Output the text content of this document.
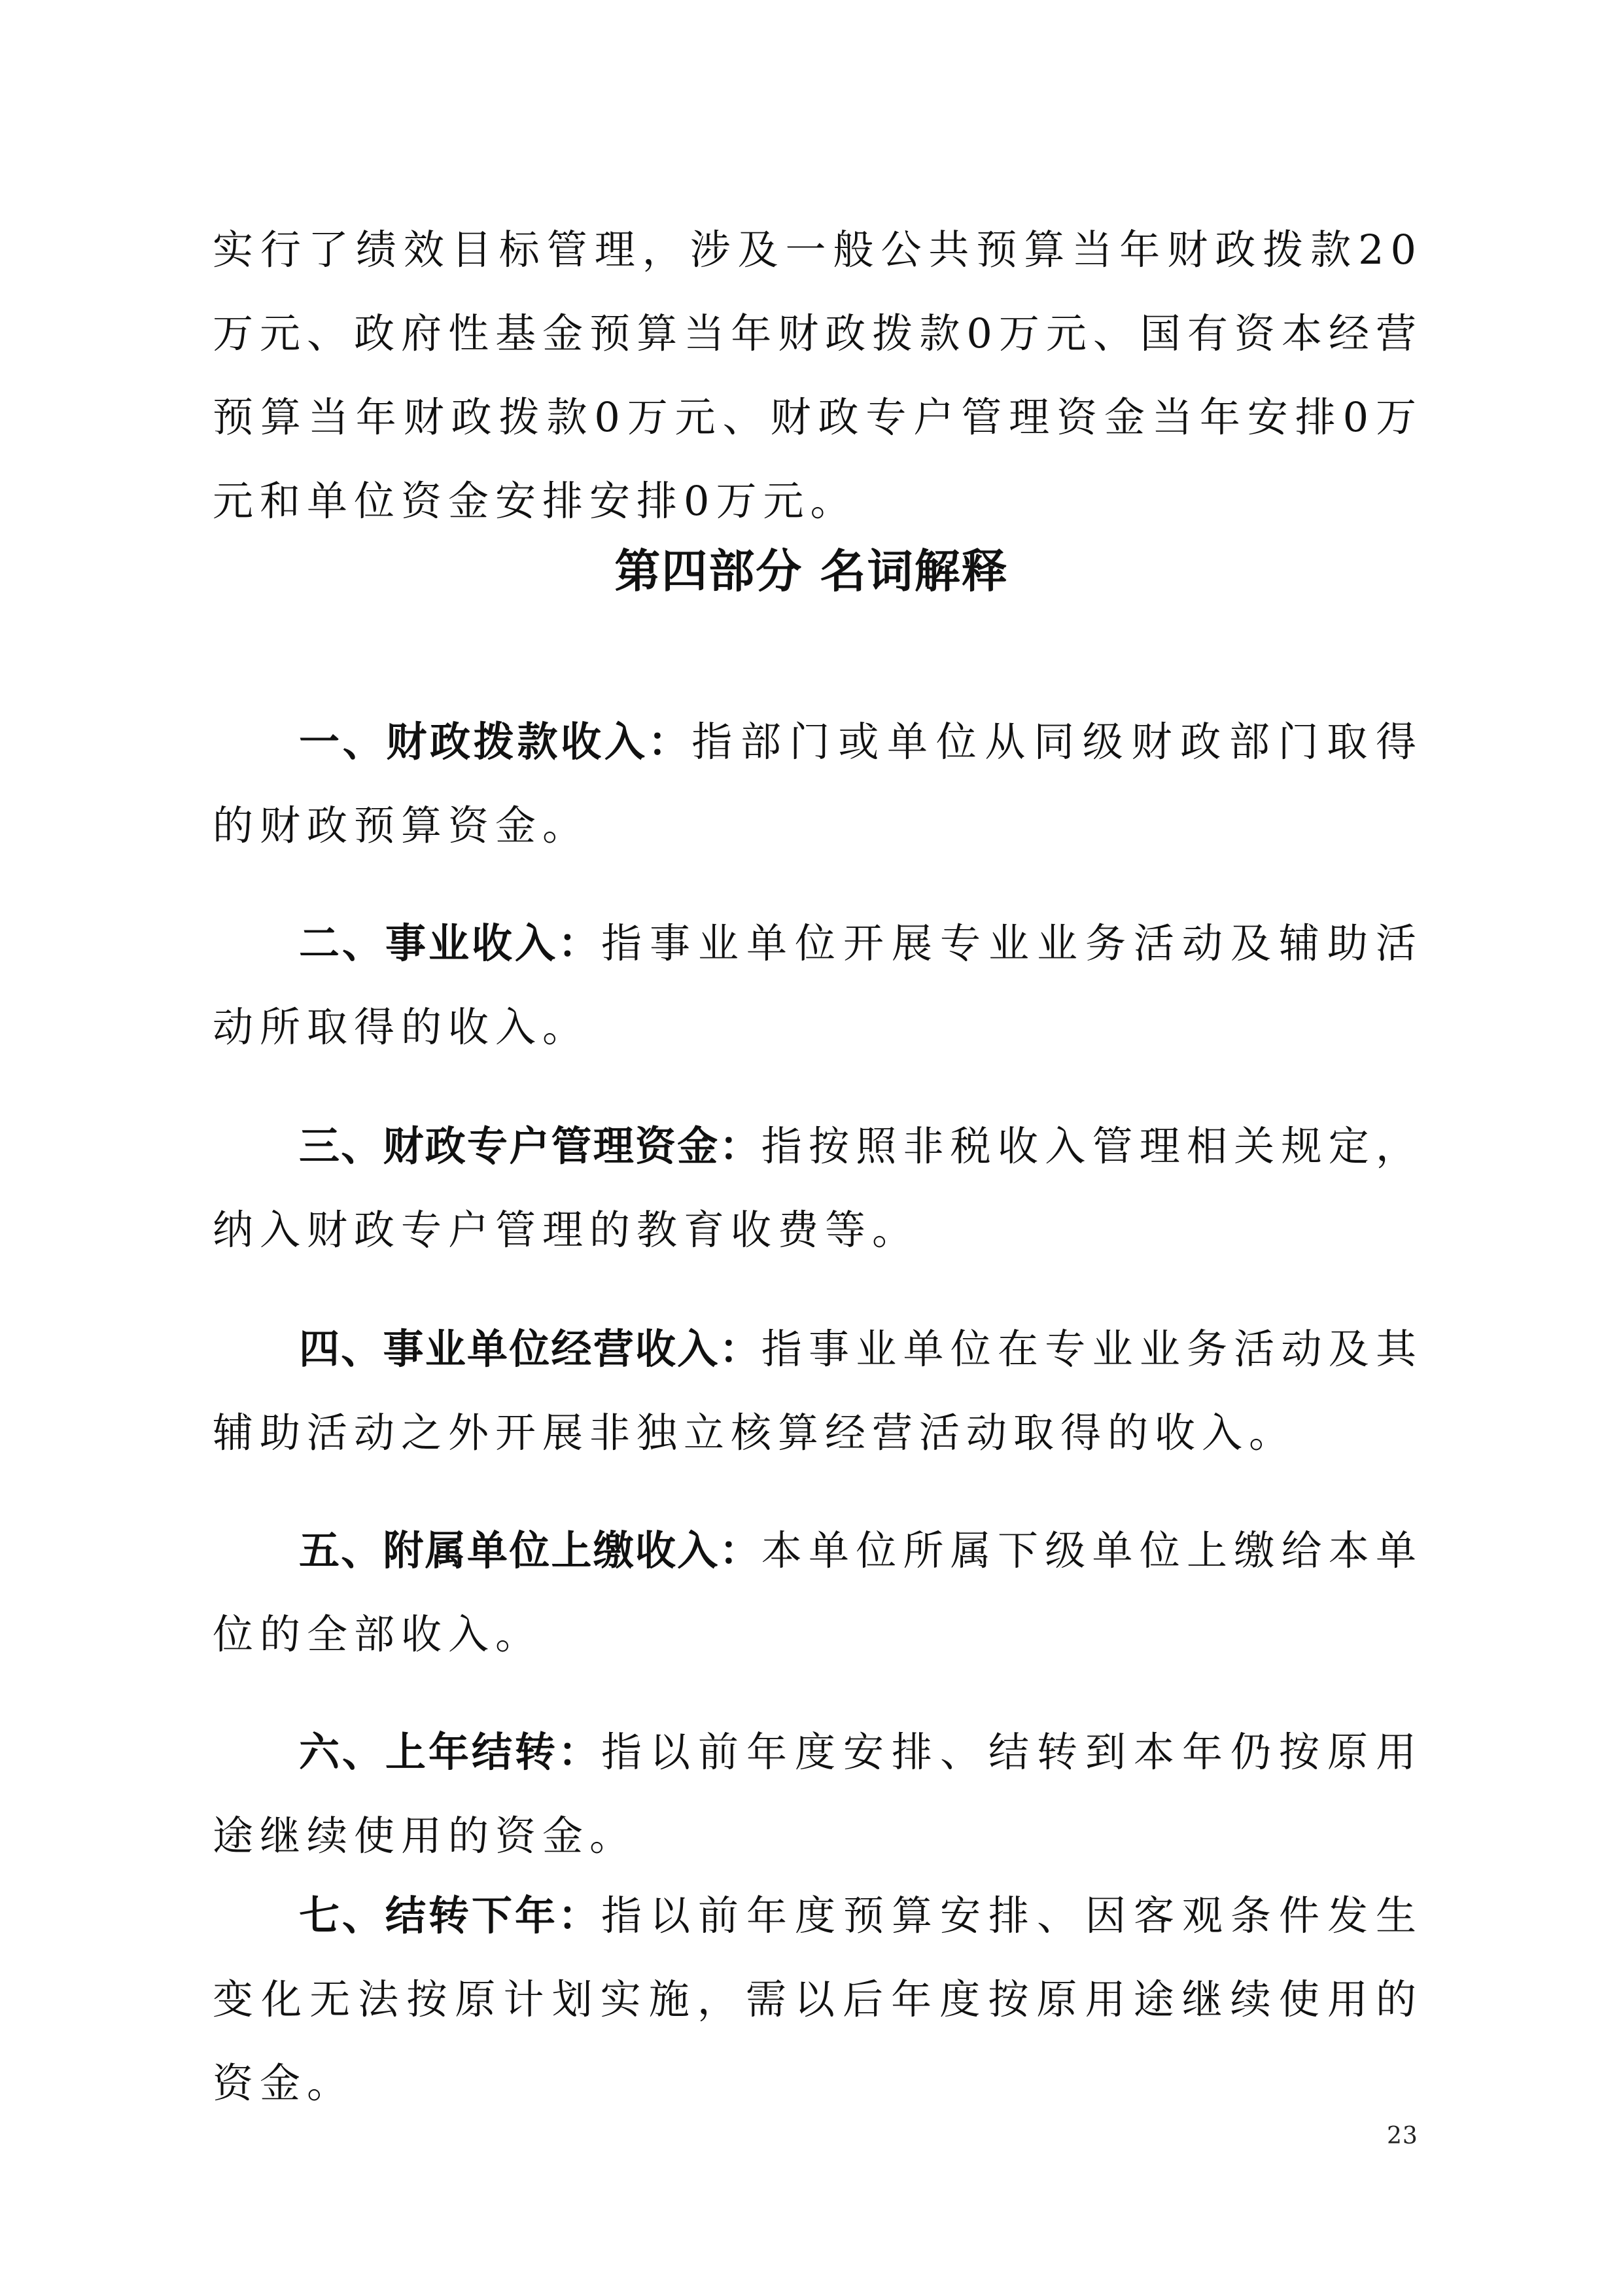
实行了绩效目标管理，涉及一般公共预算当年财政拨款20万元、政府性基金预算当年财政拨款0万元、国有资本经营预算当年财政拨款0万元、财政专户管理资金当年安排0万元和单位资金安排安排0万元。

第四部分 名词解释

一、财政拨款收入：指部门或单位从同级财政部门取得的财政预算资金。

二、事业收入：指事业单位开展专业业务活动及辅助活动所取得的收入。

三、财政专户管理资金：指按照非税收入管理相关规定，纳入财政专户管理的教育收费等。

四、事业单位经营收入：指事业单位在专业业务活动及其辅助活动之外开展非独立核算经营活动取得的收入。

五、附属单位上缴收入：本单位所属下级单位上缴给本单位的全部收入。

六、上年结转：指以前年度安排、结转到本年仍按原用途继续使用的资金。

七、结转下年：指以前年度预算安排、因客观条件发生变化无法按原计划实施，需以后年度按原用途继续使用的资金。

23
